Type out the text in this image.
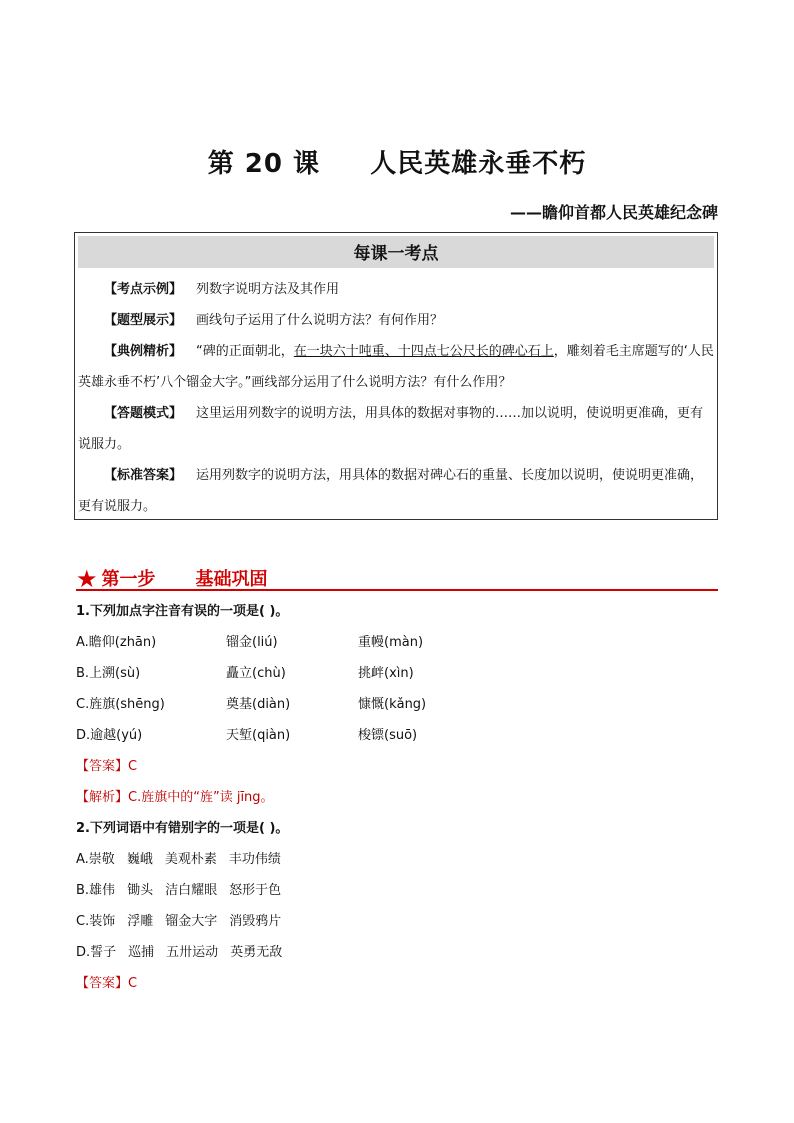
第 20 课     人民英雄永垂不朽
——瞻仰首都人民英雄纪念碑
每课一考点

【考点示例】 列数字说明方法及其作用

【题型展示】 画线句子运用了什么说明方法？有何作用？

【典例精析】 “碑的正面朝北，在一块六十吨重、十四点七公尺长的碑心石上，雕刻着毛主席题写的‘人民英雄永垂不朽’八个镏金大字。”画线部分运用了什么说明方法？有什么作用？

【答题模式】 这里运用列数字的说明方法，用具体的数据对事物的……加以说明，使说明更准确，更有说服力。

【标准答案】 运用列数字的说明方法，用具体的数据对碑心石的重量、长度加以说明，使说明更准确，更有说服力。

★ 第一步 基础巩固
1.下列加点字注音有误的一项是( )。
A.瞻仰(zhān)	镏金(liú)	重幔(màn)
B.上溯(sù)	矗立(chù)	挑衅(xìn)
C.旌旗(shēng)	奠基(diàn)	慷慨(kǎng)
D.逾越(yú)	天堑(qiàn)	梭镖(suō)
【答案】C
【解析】C.旌旗中的“旌”读 jīng。
2.下列词语中有错别字的一项是( )。
A.崇敬 巍峨 美观朴素 丰功伟绩
B.雄伟 锄头 洁白耀眼 怒形于色
C.装饰 浮雕 镏金大字 消毁鸦片
D.誓子 巡捕 五卅运动 英勇无敌
【答案】C
